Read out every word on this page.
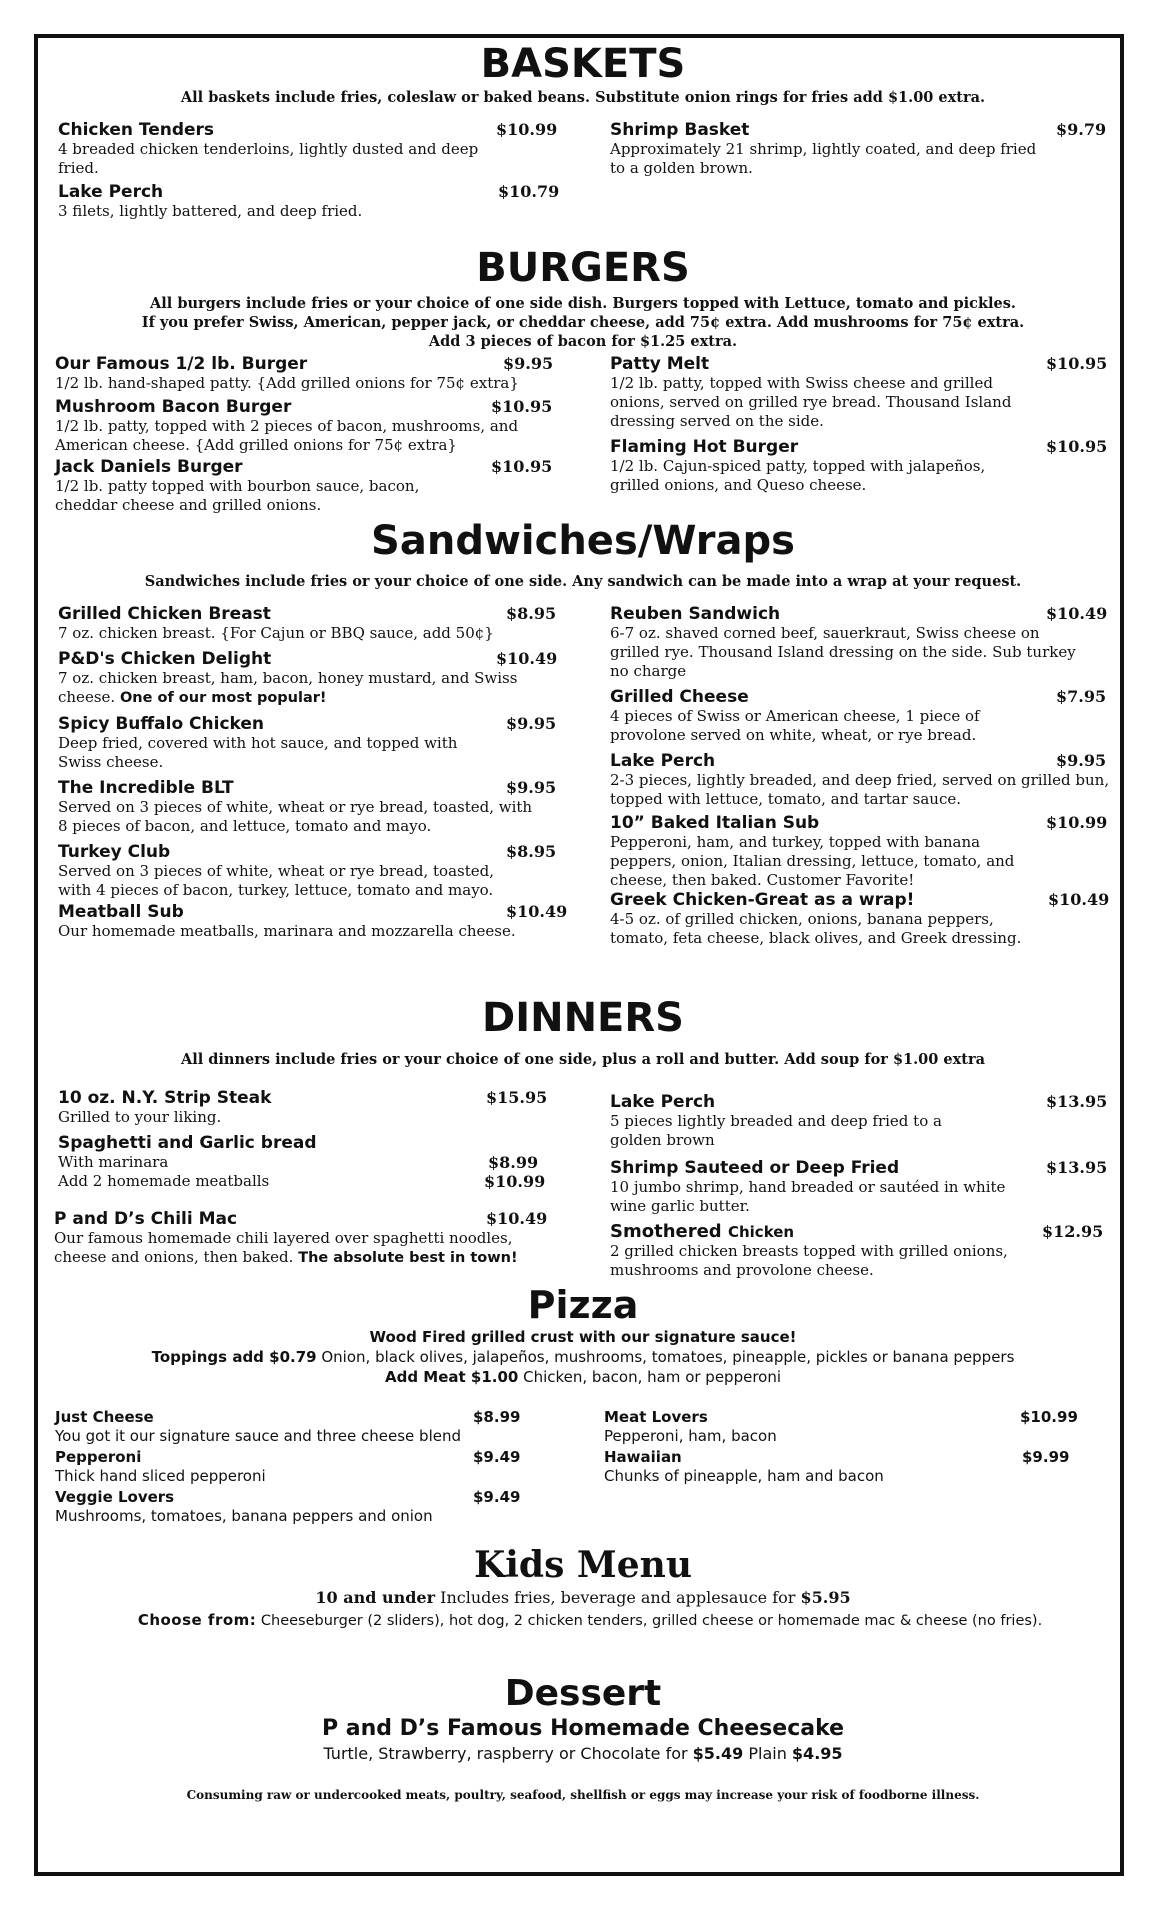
BASKETS
All baskets include fries, coleslaw or baked beans. Substitute onion rings for fries add $1.00 extra.
Chicken Tenders	$10.99
4 breaded chicken tenderloins, lightly dusted and deep fried.
Lake Perch	$10.79
3 filets, lightly battered, and deep fried.
Shrimp Basket	$9.79
Approximately 21 shrimp, lightly coated, and deep fried to a golden brown.
BURGERS
All burgers include fries or your choice of one side dish. Burgers topped with Lettuce, tomato and pickles.
If you prefer Swiss, American, pepper jack, or cheddar cheese, add 75¢ extra. Add mushrooms for 75¢ extra.
Add 3 pieces of bacon for $1.25 extra.
Our Famous 1/2 lb. Burger	$9.95
1/2 lb. hand-shaped patty. {Add grilled onions for 75¢ extra}
Mushroom Bacon Burger	$10.95
1/2 lb. patty, topped with 2 pieces of bacon, mushrooms, and American cheese. {Add grilled onions for 75¢ extra}
Jack Daniels Burger	$10.95
1/2 lb. patty topped with bourbon sauce, bacon, cheddar cheese and grilled onions.
Patty Melt	$10.95
1/2 lb. patty, topped with Swiss cheese and grilled onions, served on grilled rye bread. Thousand Island dressing served on the side.
Flaming Hot Burger	$10.95
1/2 lb. Cajun-spiced patty, topped with jalapeños, grilled onions, and Queso cheese.
Sandwiches/Wraps
Sandwiches include fries or your choice of one side. Any sandwich can be made into a wrap at your request.
Grilled Chicken Breast	$8.95
7 oz. chicken breast. {For Cajun or BBQ sauce, add 50¢}
P&D's Chicken Delight	$10.49
7 oz. chicken breast, ham, bacon, honey mustard, and Swiss cheese. One of our most popular!
Spicy Buffalo Chicken	$9.95
Deep fried, covered with hot sauce, and topped with Swiss cheese.
The Incredible BLT	$9.95
Served on 3 pieces of white, wheat or rye bread, toasted, with 8 pieces of bacon, and lettuce, tomato and mayo.
Turkey Club	$8.95
Served on 3 pieces of white, wheat or rye bread, toasted, with 4 pieces of bacon, turkey, lettuce, tomato and mayo.
Meatball Sub	$10.49
Our homemade meatballs, marinara and mozzarella cheese.
Reuben Sandwich	$10.49
6-7 oz. shaved corned beef, sauerkraut, Swiss cheese on grilled rye. Thousand Island dressing on the side. Sub turkey no charge
Grilled Cheese	$7.95
4 pieces of Swiss or American cheese, 1 piece of provolone served on white, wheat, or rye bread.
Lake Perch	$9.95
2-3 pieces, lightly breaded, and deep fried, served on grilled bun, topped with lettuce, tomato, and tartar sauce.
10” Baked Italian Sub	$10.99
Pepperoni, ham, and turkey, topped with banana peppers, onion, Italian dressing, lettuce, tomato, and cheese, then baked. Customer Favorite!
Greek Chicken-Great as a wrap!	$10.49
4-5 oz. of grilled chicken, onions, banana peppers, tomato, feta cheese, black olives, and Greek dressing.
DINNERS
All dinners include fries or your choice of one side, plus a roll and butter. Add soup for $1.00 extra
10 oz. N.Y. Strip Steak	$15.95
Grilled to your liking.
Spaghetti and Garlic bread
With marinara	$8.99
Add 2 homemade meatballs	$10.99
P and D’s Chili Mac	$10.49
Our famous homemade chili layered over spaghetti noodles, cheese and onions, then baked. The absolute best in town!
Lake Perch	$13.95
5 pieces lightly breaded and deep fried to a golden brown
Shrimp Sauteed or Deep Fried	$13.95
10 jumbo shrimp, hand breaded or sautéed in white wine garlic butter.
Smothered Chicken	$12.95
2 grilled chicken breasts topped with grilled onions, mushrooms and provolone cheese.
Pizza
Wood Fired grilled crust with our signature sauce!
Toppings add $0.79 Onion, black olives, jalapeños, mushrooms, tomatoes, pineapple, pickles or banana peppers
Add Meat $1.00 Chicken, bacon, ham or pepperoni
Just Cheese	$8.99
You got it our signature sauce and three cheese blend
Pepperoni	$9.49
Thick hand sliced pepperoni
Veggie Lovers	$9.49
Mushrooms, tomatoes, banana peppers and onion
Meat Lovers	$10.99
Pepperoni, ham, bacon
Hawaiian	$9.99
Chunks of pineapple, ham and bacon
Kids Menu
10 and under Includes fries, beverage and applesauce for $5.95
Choose from: Cheeseburger (2 sliders), hot dog, 2 chicken tenders, grilled cheese or homemade mac & cheese (no fries).
Dessert
P and D’s Famous Homemade Cheesecake
Turtle, Strawberry, raspberry or Chocolate for $5.49 Plain $4.95
Consuming raw or undercooked meats, poultry, seafood, shellfish or eggs may increase your risk of foodborne illness.
